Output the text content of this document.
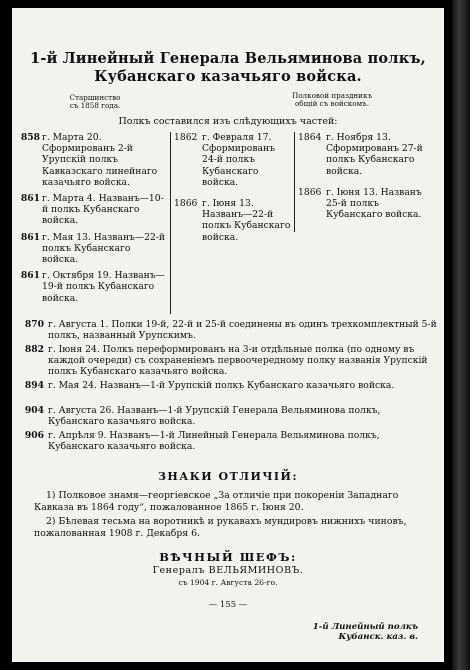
1-й Линейный Генерала Вельяминова полкъ,
Кубанскаго казачьяго войска.
Старшинство
съ 1858 года.
Полковой праздникъ
общій съ войскомъ.
Полкъ составился изъ слѣдующихъ частей:
858 г. Марта 20. Сформированъ 2-й Урупскій полкъ Кавказскаго линейнаго казачьяго войска.
861 г. Марта 4. Названъ—10-й полкъ Кубанскаго войска.
861 г. Мая 13. Названъ—22-й полкъ Кубанскаго войска.
861 г. Октября 19. Названъ—19-й полкъ Кубанскаго войска.
1862 г. Февраля 17. Сформированъ 24-й полкъ Кубанскаго войска.
1866 г. Іюня 13. Названъ—22-й полкъ Кубанскаго войска.
1864 г. Ноября 13. Сформированъ 27-й полкъ Кубанскаго войска.
1866 г. Іюня 13. Названъ 25-й полкъ Кубанскаго войска.
870 г. Августа 1. Полки 19-й, 22-й и 25-й соединены въ одинъ трехкомплектный 5-й полкъ, названный Урупскимъ.
882 г. Іюня 24. Полкъ переформированъ на 3-и отдѣльные полка (по одному въ каждой очереди) съ сохраненіемъ первоочередному полку названія Урупскій полкъ Кубанскаго казачьяго войска.
894 г. Мая 24. Названъ—1-й Урупскій полкъ Кубанскаго казачьяго войска.
904 г. Августа 26. Названъ—1-й Урупскій Генерала Вельяминова полкъ, Кубанскаго казачьяго войска.
906 г. Апрѣля 9. Названъ—1-й Линейный Генерала Вельяминова полкъ, Кубанскаго казачьяго войска.
ЗНАКИ ОТЛИЧІЙ:
1) Полковое знамя—георгіевское „За отличіе при покореніи Западнаго Кавказа въ 1864 году“, пожалованное 1865 г. Іюня 20.
2) Бѣлевая тесьма на воротникѣ и рукавахъ мундировъ нижнихъ чиновъ, пожалованная 1908 г. Декабря 6.
ВѢЧНЫЙ ШЕФЪ:
Генералъ ВЕЛЬЯМИНОВЪ.
съ 1904 г. Августа 26-го.
— 155 —
1-й Линейный полкъ
Кубанск. каз. в.
